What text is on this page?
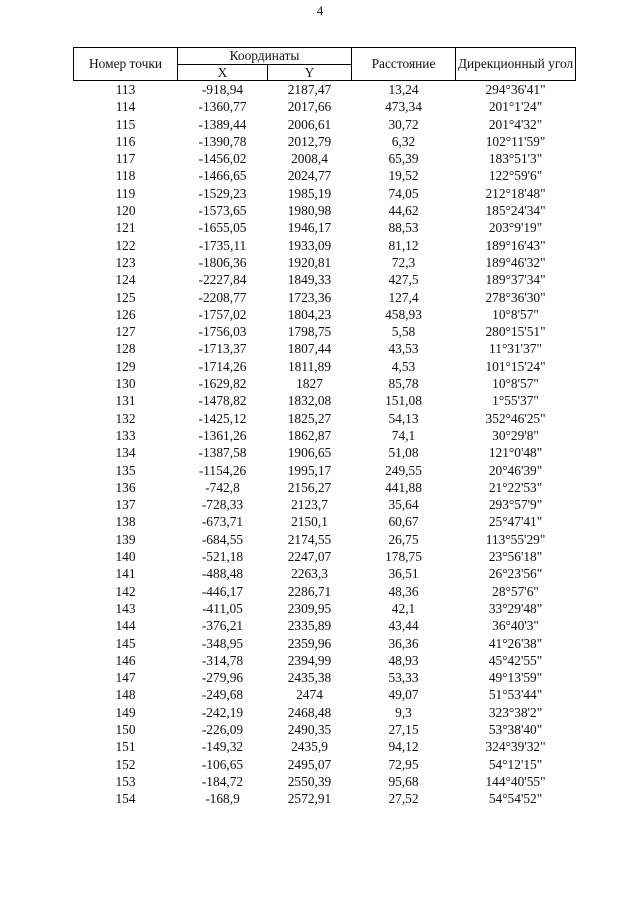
4
Номер точки	Координаты		Расстояние	Дирекционный угол
	X	Y		
113	-918,94	2187,47	13,24	294°36'41"
114	-1360,77	2017,66	473,34	201°1'24"
115	-1389,44	2006,61	30,72	201°4'32"
116	-1390,78	2012,79	6,32	102°11'59"
117	-1456,02	2008,4	65,39	183°51'3"
118	-1466,65	2024,77	19,52	122°59'6"
119	-1529,23	1985,19	74,05	212°18'48"
120	-1573,65	1980,98	44,62	185°24'34"
121	-1655,05	1946,17	88,53	203°9'19"
122	-1735,11	1933,09	81,12	189°16'43"
123	-1806,36	1920,81	72,3	189°46'32"
124	-2227,84	1849,33	427,5	189°37'34"
125	-2208,77	1723,36	127,4	278°36'30"
126	-1757,02	1804,23	458,93	10°8'57"
127	-1756,03	1798,75	5,58	280°15'51"
128	-1713,37	1807,44	43,53	11°31'37"
129	-1714,26	1811,89	4,53	101°15'24"
130	-1629,82	1827	85,78	10°8'57"
131	-1478,82	1832,08	151,08	1°55'37"
132	-1425,12	1825,27	54,13	352°46'25"
133	-1361,26	1862,87	74,1	30°29'8"
134	-1387,58	1906,65	51,08	121°0'48"
135	-1154,26	1995,17	249,55	20°46'39"
136	-742,8	2156,27	441,88	21°22'53"
137	-728,33	2123,7	35,64	293°57'9"
138	-673,71	2150,1	60,67	25°47'41"
139	-684,55	2174,55	26,75	113°55'29"
140	-521,18	2247,07	178,75	23°56'18"
141	-488,48	2263,3	36,51	26°23'56"
142	-446,17	2286,71	48,36	28°57'6"
143	-411,05	2309,95	42,1	33°29'48"
144	-376,21	2335,89	43,44	36°40'3"
145	-348,95	2359,96	36,36	41°26'38"
146	-314,78	2394,99	48,93	45°42'55"
147	-279,96	2435,38	53,33	49°13'59"
148	-249,68	2474	49,07	51°53'44"
149	-242,19	2468,48	9,3	323°38'2"
150	-226,09	2490,35	27,15	53°38'40"
151	-149,32	2435,9	94,12	324°39'32"
152	-106,65	2495,07	72,95	54°12'15"
153	-184,72	2550,39	95,68	144°40'55"
154	-168,9	2572,91	27,52	54°54'52"
